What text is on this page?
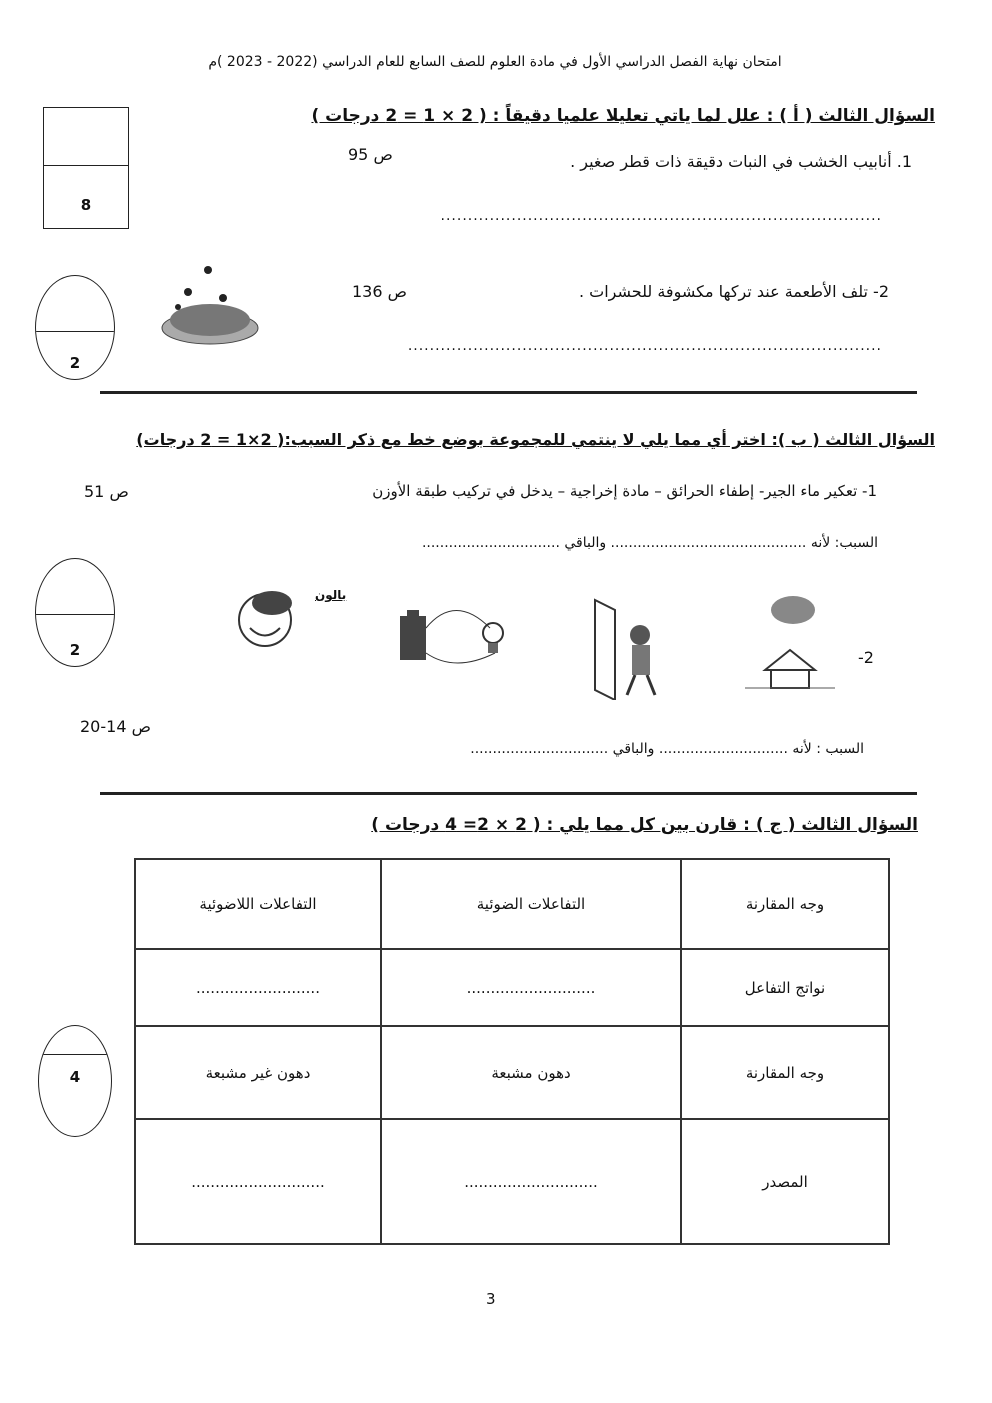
امتحان نهاية الفصل الدراسي الأول في مادة العلوم للصف السابع للعام الدراسي (2022 - 2023 )م
8
السؤال الثالث ( أ ) : علل لما ياتي تعليلا علميا دقيقاً : ( 2 × 1 = 2 درجات )
1. أنابيب الخشب في النبات دقيقة ذات قطر صغير .
ص 95
.................................................................................
2
2- تلف الأطعمة عند تركها مكشوفة للحشرات .
ص 136
.......................................................................................
السؤال الثالث ( ب ): اختر أي مما يلي لا ينتمي للمجموعة بوضع خط مع ذكر السبب:( 2×1 = 2 درجات)
1- تعكير ماء الجير- إطفاء الحرائق – مادة إخراجية – يدخل في تركيب طبقة الأوزن
ص 51
السبب: لأنه ............................................ والباقي ...............................
2	2-
بالون
ص 14-20
السبب : لأنه ............................. والباقي ...............................
السؤال الثالث ( ج ) : قارن بين كل مما يلي : ( 2 × 2= 4 درجات )
4
وجه المقارنة	التفاعلات الضوئية	التفاعلات اللاضوئية
نواتج التفاعل	...........................	..........................
وجه المقارنة	دهون مشبعة	دهون غير مشبعة
المصدر	............................	............................
3
